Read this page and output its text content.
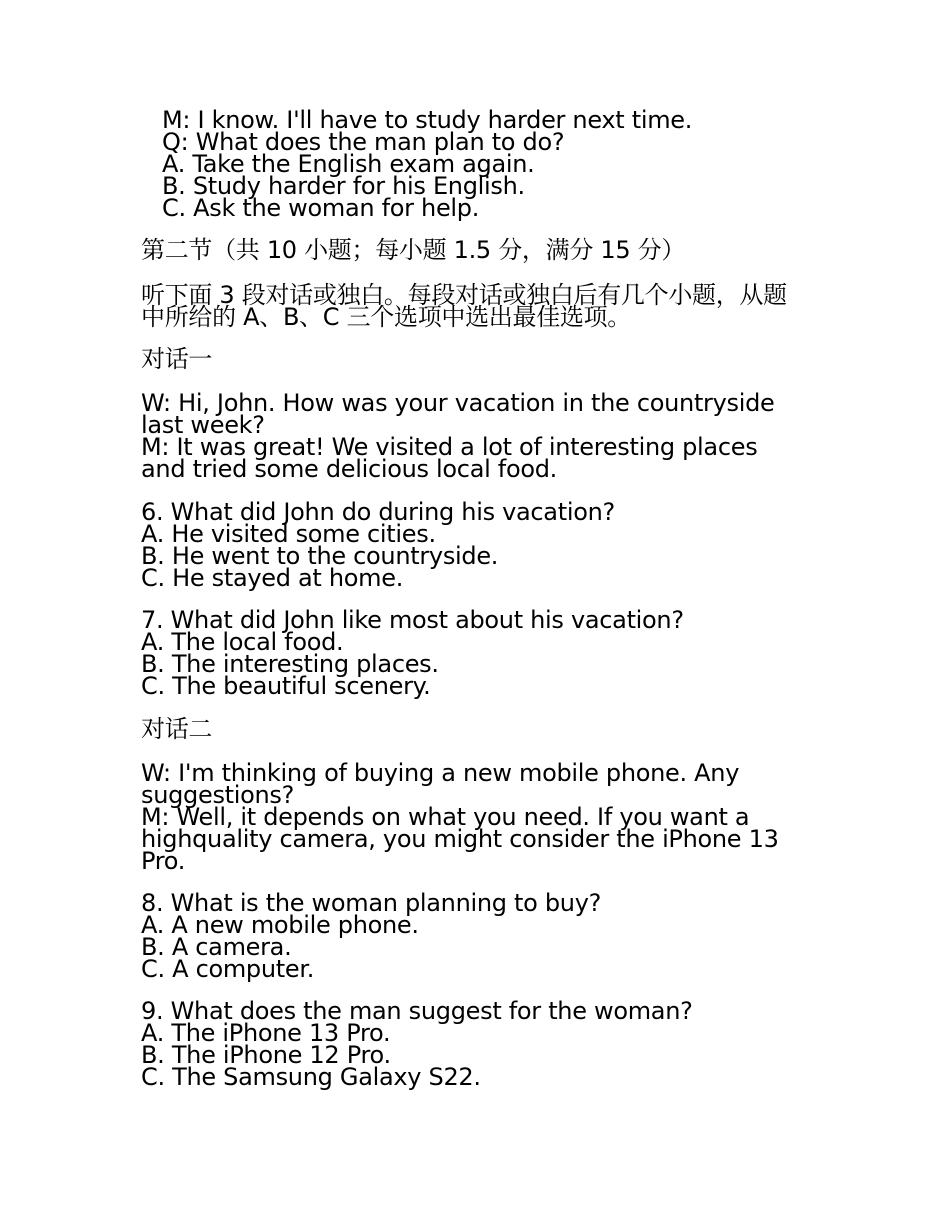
M: I know. I'll have to study harder next time.
Q: What does the man plan to do?
A. Take the English exam again.
B. Study harder for his English.
C. Ask the woman for help.
第二节（共 10 小题；每小题 1.5 分，满分 15 分）
听下面 3 段对话或独白。每段对话或独白后有几个小题，从题
中所给的 A、B、C 三个选项中选出最佳选项。
对话一
W: Hi, John. How was your vacation in the countryside
last week?
M: It was great! We visited a lot of interesting places
and tried some delicious local food.
6. What did John do during his vacation?
A. He visited some cities.
B. He went to the countryside.
C. He stayed at home.
7. What did John like most about his vacation?
A. The local food.
B. The interesting places.
C. The beautiful scenery.
对话二
W: I'm thinking of buying a new mobile phone. Any
suggestions?
M: Well, it depends on what you need. If you want a
highquality camera, you might consider the iPhone 13
Pro.
8. What is the woman planning to buy?
A. A new mobile phone.
B. A camera.
C. A computer.
9. What does the man suggest for the woman?
A. The iPhone 13 Pro.
B. The iPhone 12 Pro.
C. The Samsung Galaxy S22.
